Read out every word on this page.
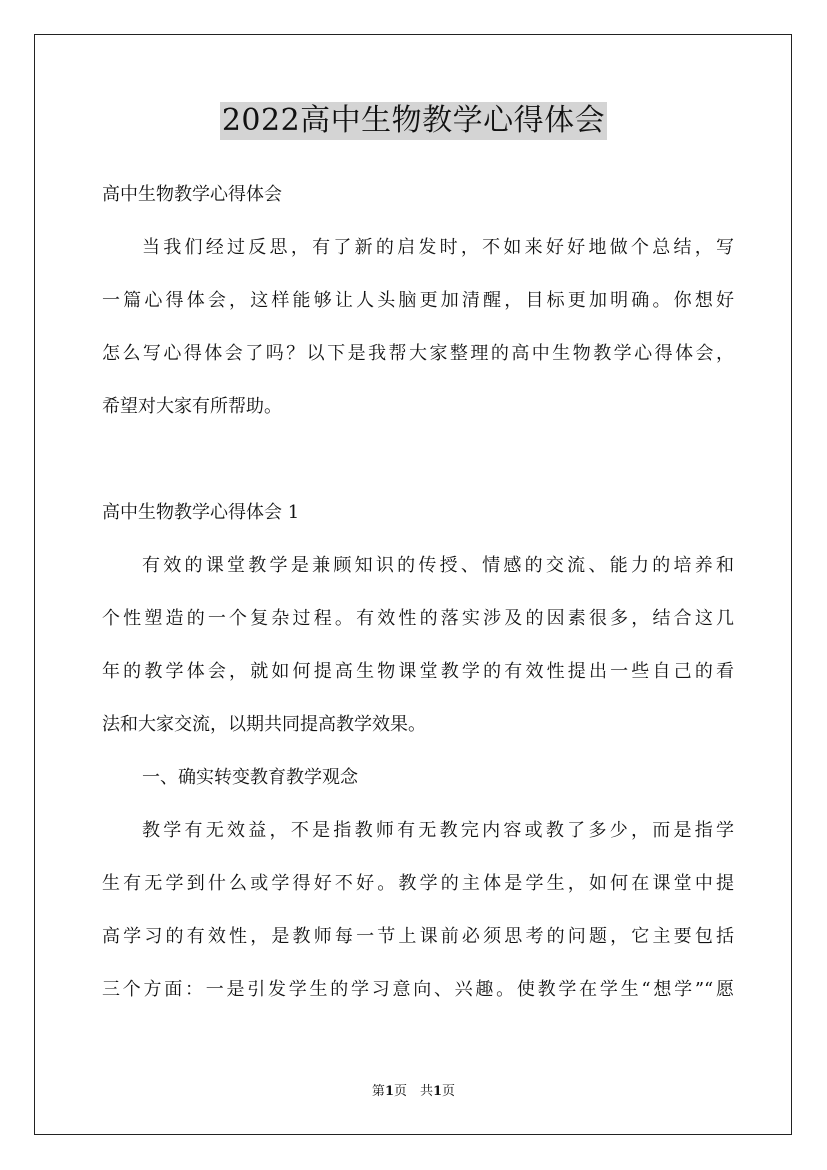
2022高中生物教学心得体会
高中生物教学心得体会
当我们经过反思，有了新的启发时，不如来好好地做个总结，写
一篇心得体会，这样能够让人头脑更加清醒，目标更加明确。你想好
怎么写心得体会了吗？以下是我帮大家整理的高中生物教学心得体会，
希望对大家有所帮助。
高中生物教学心得体会 1
有效的课堂教学是兼顾知识的传授、情感的交流、能力的培养和
个性塑造的一个复杂过程。有效性的落实涉及的因素很多，结合这几
年的教学体会，就如何提高生物课堂教学的有效性提出一些自己的看
法和大家交流，以期共同提高教学效果。
一、确实转变教育教学观念
教学有无效益，不是指教师有无教完内容或教了多少，而是指学
生有无学到什么或学得好不好。教学的主体是学生，如何在课堂中提
高学习的有效性，是教师每一节上课前必须思考的问题，它主要包括
三个方面：一是引发学生的学习意向、兴趣。使教学在学生“想学”“愿
第1页　共1页
